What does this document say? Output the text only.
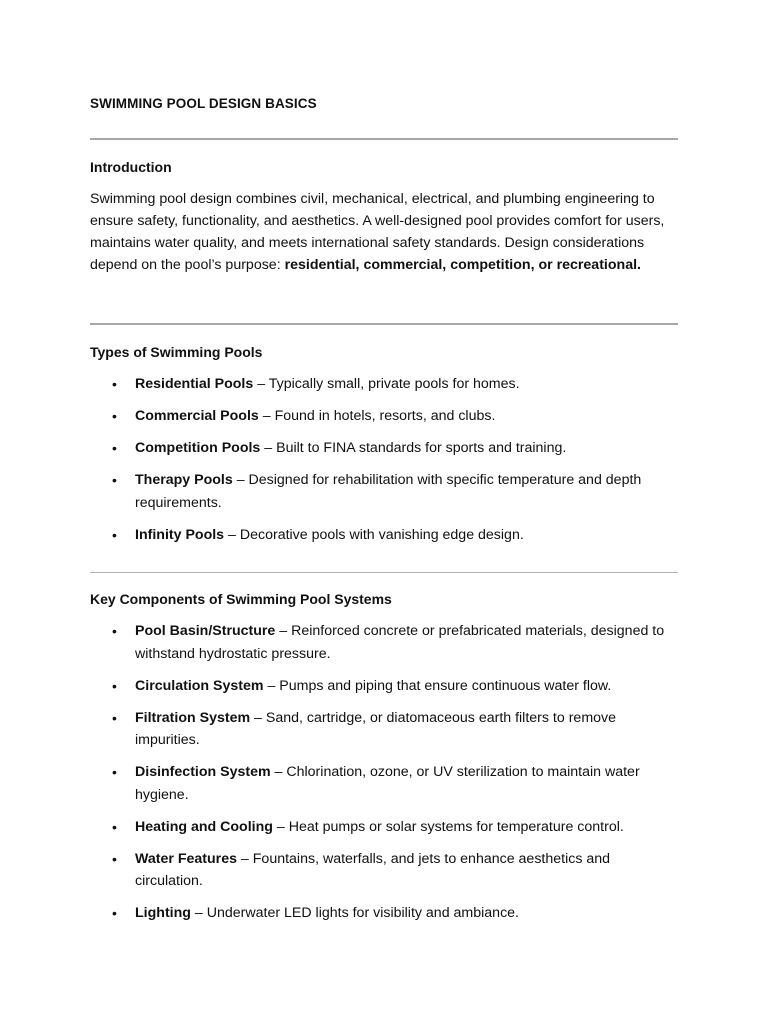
SWIMMING POOL DESIGN BASICS
Introduction

Swimming pool design combines civil, mechanical, electrical, and plumbing engineering to ensure safety, functionality, and aesthetics. A well-designed pool provides comfort for users, maintains water quality, and meets international safety standards. Design considerations depend on the pool’s purpose: residential, commercial, competition, or recreational.

Types of Swimming Pools
• Residential Pools – Typically small, private pools for homes.
• Commercial Pools – Found in hotels, resorts, and clubs.
• Competition Pools – Built to FINA standards for sports and training.
• Therapy Pools – Designed for rehabilitation with specific temperature and depth requirements.
• Infinity Pools – Decorative pools with vanishing edge design.
Key Components of Swimming Pool Systems
• Pool Basin/Structure – Reinforced concrete or prefabricated materials, designed to withstand hydrostatic pressure.
• Circulation System – Pumps and piping that ensure continuous water flow.
• Filtration System – Sand, cartridge, or diatomaceous earth filters to remove impurities.
• Disinfection System – Chlorination, ozone, or UV sterilization to maintain water hygiene.
• Heating and Cooling – Heat pumps or solar systems for temperature control.
• Water Features – Fountains, waterfalls, and jets to enhance aesthetics and circulation.
• Lighting – Underwater LED lights for visibility and ambiance.
